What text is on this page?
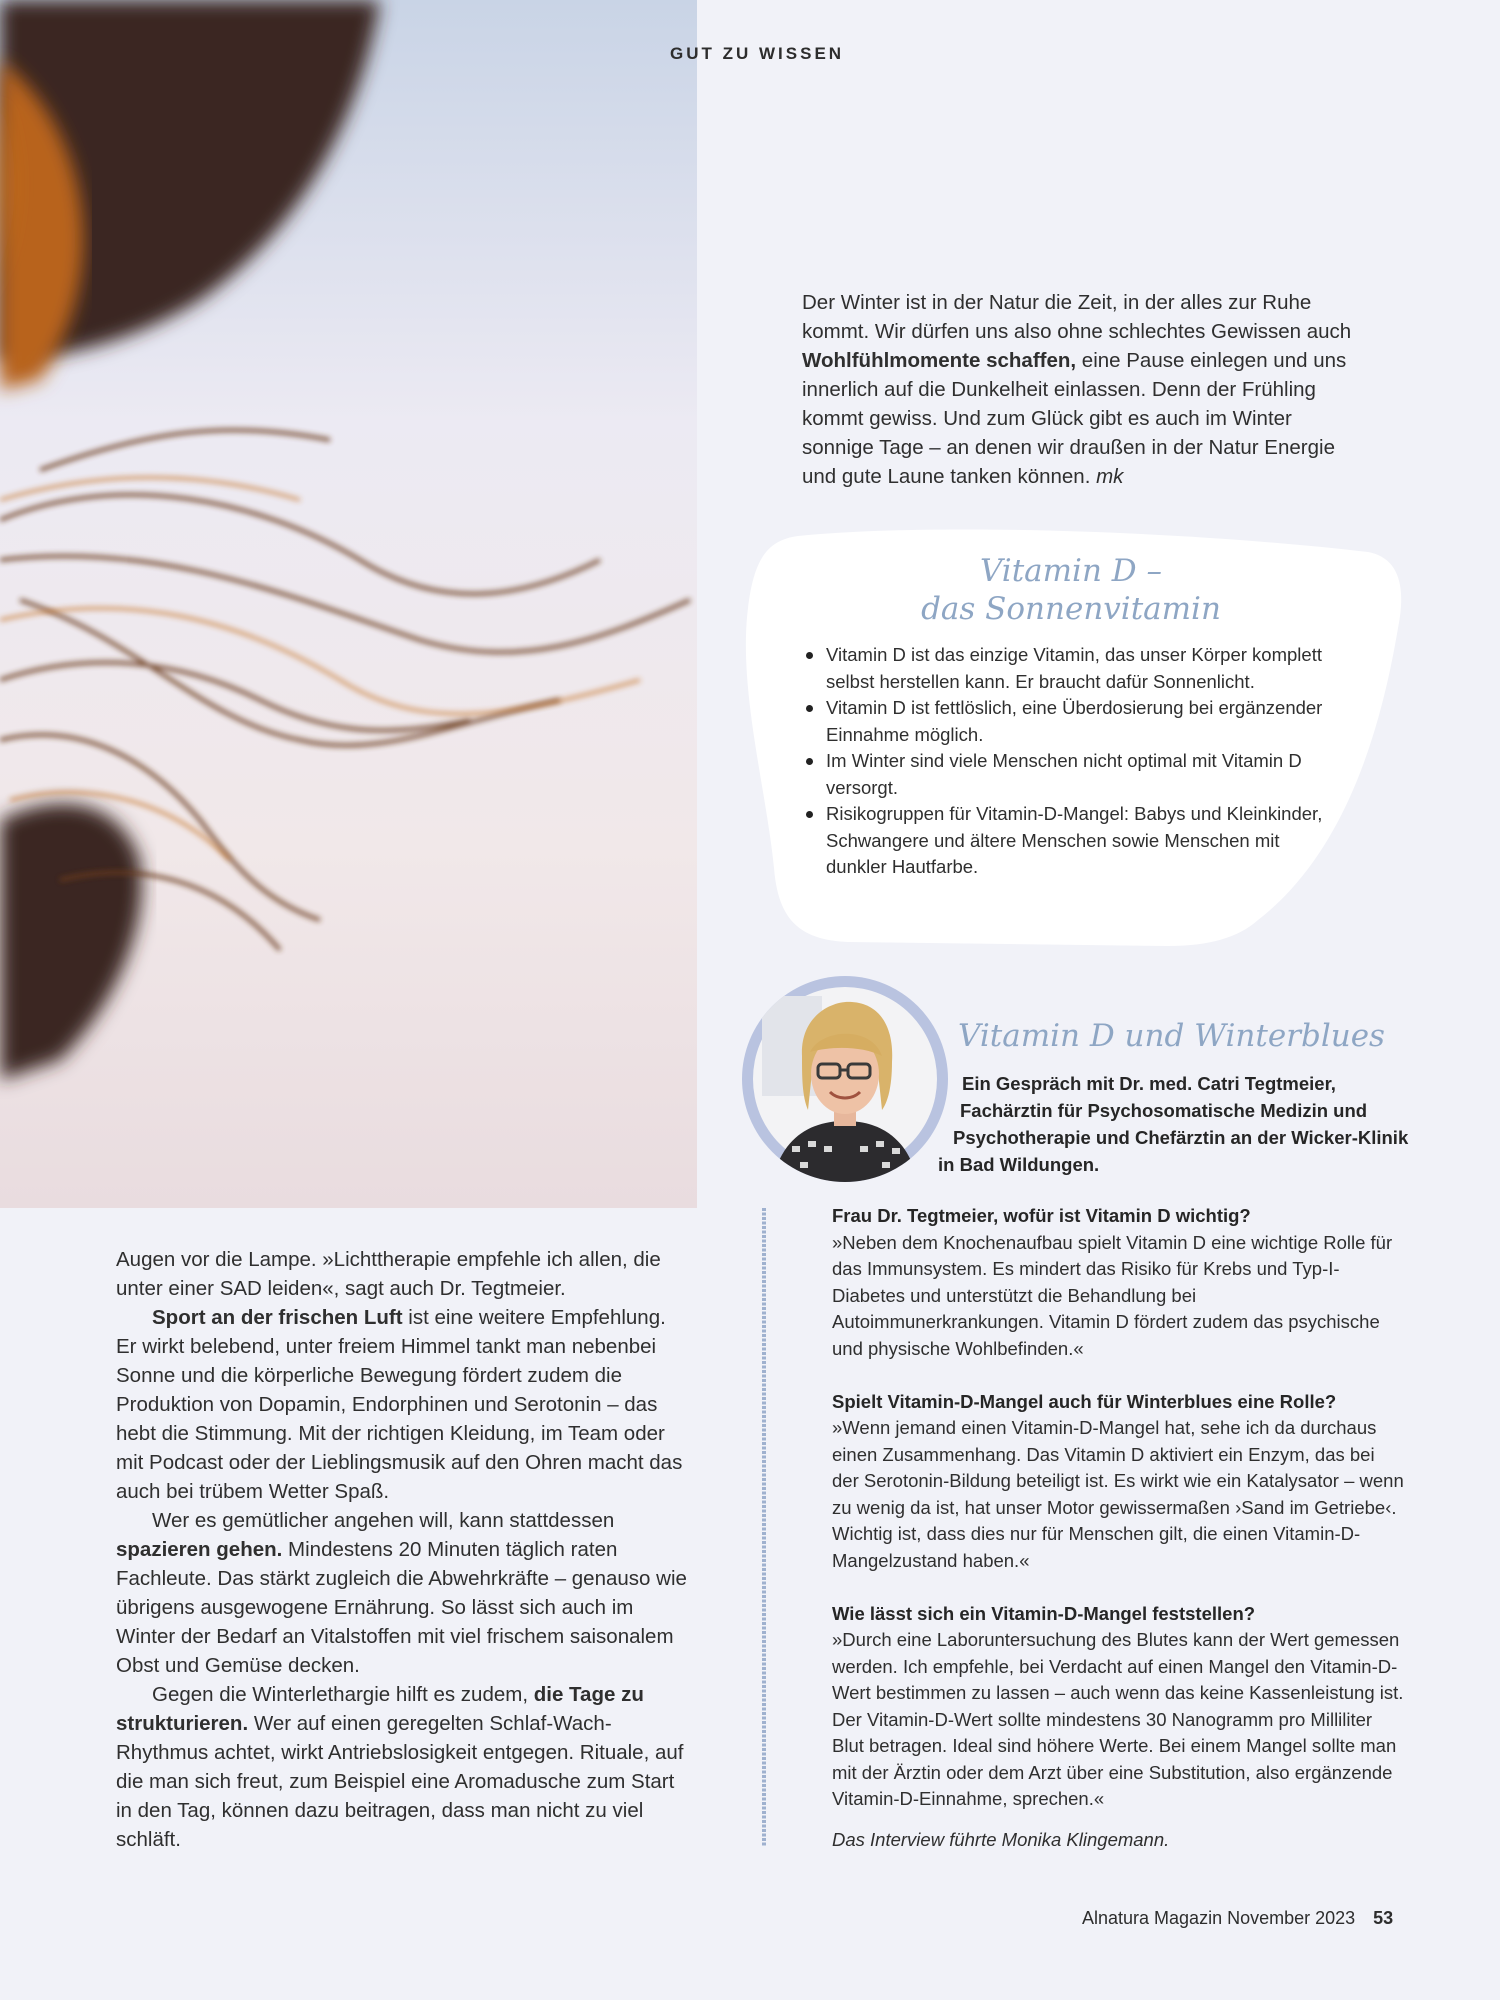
GUT ZU WISSEN
Der Winter ist in der Natur die Zeit, in der alles zur Ruhe kommt. Wir dürfen uns also ohne schlechtes Gewissen auch Wohlfühlmomente schaffen, eine Pause einlegen und uns innerlich auf die Dunkelheit einlassen. Denn der Frühling kommt gewiss. Und zum Glück gibt es auch im Winter sonnige Tage – an denen wir draußen in der Natur Energie und gute Laune tanken können. mk
Vitamin D –
das Sonnenvitamin
Vitamin D ist das einzige Vitamin, das unser Körper komplett selbst herstellen kann. Er braucht dafür Sonnenlicht.
Vitamin D ist fettlöslich, eine Überdosierung bei ergänzender Einnahme möglich.
Im Winter sind viele Menschen nicht optimal mit Vitamin D versorgt.
Risikogruppen für Vitamin-D-Mangel: Babys und Kleinkinder, Schwangere und ältere Menschen sowie Menschen mit dunkler Hautfarbe.
Vitamin D und Winterblues
Ein Gespräch mit Dr. med. Catri Tegtmeier,
Fachärztin für Psychosomatische Medizin und
Psychotherapie und Chefärztin an der Wicker-Klinik
in Bad Wildungen.

Augen vor die Lampe. »Lichttherapie empfehle ich allen, die unter einer SAD leiden«, sagt auch Dr. Tegtmeier.

Sport an der frischen Luft ist eine weitere Empfehlung. Er wirkt belebend, unter freiem Himmel tankt man nebenbei Sonne und die körperliche Bewegung fördert zudem die Produktion von Dopamin, Endorphinen und Serotonin – das hebt die Stimmung. Mit der richtigen Kleidung, im Team oder mit Podcast oder der Lieblingsmusik auf den Ohren macht das auch bei trübem Wetter Spaß.

Wer es gemütlicher angehen will, kann stattdessen spazieren gehen. Mindestens 20 Minuten täglich raten Fachleute. Das stärkt zugleich die Abwehrkräfte – genauso wie übrigens ausgewogene Ernährung. So lässt sich auch im Winter der Bedarf an Vitalstoffen mit viel frischem saisonalem Obst und Gemüse decken.

Gegen die Winterlethargie hilft es zudem, die Tage zu strukturieren. Wer auf einen geregelten Schlaf-Wach-Rhythmus achtet, wirkt Antriebslosigkeit entgegen. Rituale, auf die man sich freut, zum Beispiel eine Aromadusche zum Start in den Tag, können dazu beitragen, dass man nicht zu viel schläft.

Frau Dr. Tegtmeier, wofür ist Vitamin D wichtig?
»Neben dem Knochenaufbau spielt Vitamin D eine wichtige Rolle für das Immunsystem. Es mindert das Risiko für Krebs und Typ-I-Diabetes und unterstützt die Behandlung bei Autoimmunerkrankungen. Vitamin D fördert zudem das psychische und physische Wohlbefinden.«
Spielt Vitamin-D-Mangel auch für Winterblues eine Rolle?
»Wenn jemand einen Vitamin-D-Mangel hat, sehe ich da durchaus einen Zusammenhang. Das Vitamin D aktiviert ein Enzym, das bei der Serotonin-Bildung beteiligt ist. Es wirkt wie ein Katalysator – wenn zu wenig da ist, hat unser Motor gewissermaßen ›Sand im Getriebe‹. Wichtig ist, dass dies nur für Menschen gilt, die einen Vitamin-D-Mangelzustand haben.«
Wie lässt sich ein Vitamin-D-Mangel feststellen?
»Durch eine Laboruntersuchung des Blutes kann der Wert gemessen werden. Ich empfehle, bei Verdacht auf einen Mangel den Vitamin-D-Wert bestimmen zu lassen – auch wenn das keine Kassenleistung ist. Der Vitamin-D-Wert sollte mindestens 30 Nanogramm pro Milliliter Blut betragen. Ideal sind höhere Werte. Bei einem Mangel sollte man mit der Ärztin oder dem Arzt über eine Substitution, also ergänzende Vitamin-D-Einnahme, sprechen.«
Das Interview führte Monika Klingemann.
Alnatura Magazin November 2023 53
